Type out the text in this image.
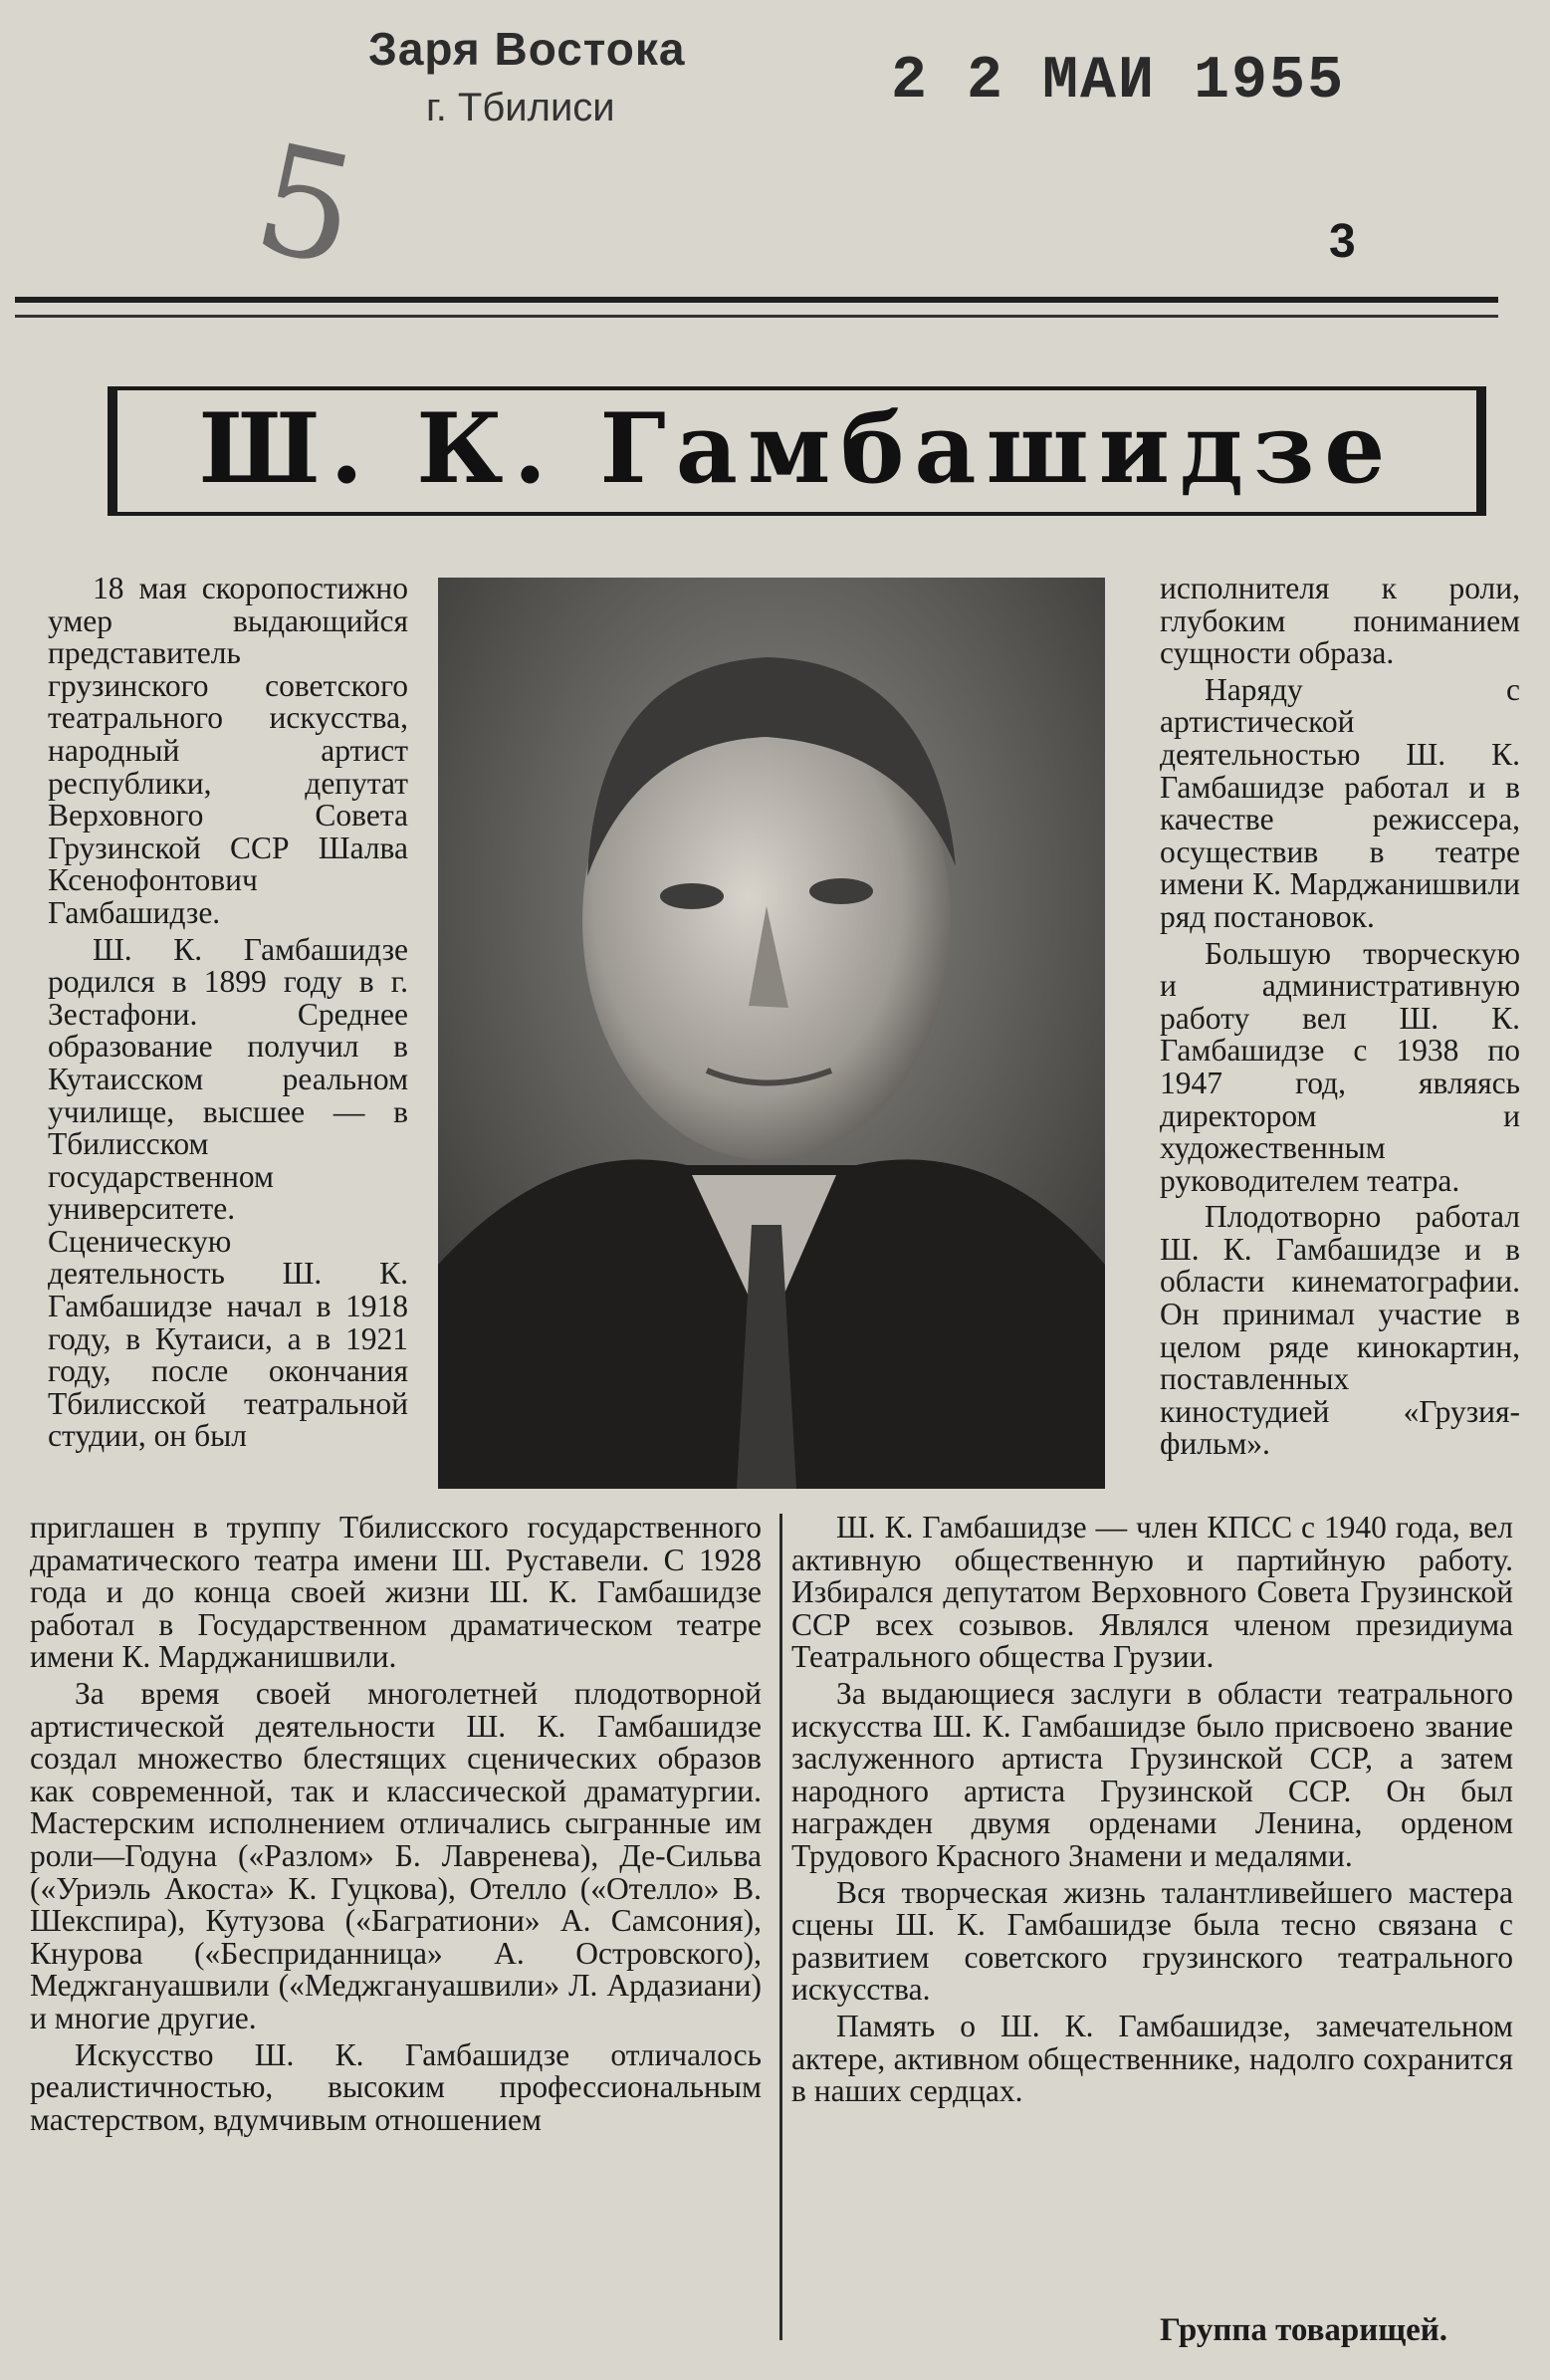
Заря Востока
г. Тбилиси	2 2 МАИ 1955
5	3
Ш. К. Гамбашидзе

18 мая скоропостижно умер выдающийся представитель грузинского советского театрального искусства, народный артист республики, депутат Верховного Совета Грузинской ССР Шалва Ксенофонтович Гамбашидзе.

Ш. К. Гамбашидзе родился в 1899 году в г. Зестафони. Среднее образование получил в Кутаисском реальном училище, высшее — в Тбилисском государственном университете. Сценическую деятельность Ш. К. Гамбашидзе начал в 1918 году, в Кутаиси, а в 1921 году, после окончания Тбилисской театральной студии, он был

исполнителя к роли, глубоким пониманием сущности образа.

Наряду с артистической деятельностью Ш. К. Гамбашидзе работал и в качестве режиссера, осуществив в театре имени К. Марджанишвили ряд постановок.

Большую творческую и административную работу вел Ш. К. Гамбашидзе с 1938 по 1947 год, являясь директором и художественным руководителем театра.

Плодотворно работал Ш. К. Гамбашидзе и в области кинематографии. Он принимал участие в целом ряде кинокартин, поставленных киностудией «Грузия-фильм».

приглашен в труппу Тбилисского государственного драматического театра имени Ш. Руставели. С 1928 года и до конца своей жизни Ш. К. Гамбашидзе работал в Государственном драматическом театре имени К. Марджанишвили.

За время своей многолетней плодотворной артистической деятельности Ш. К. Гамбашидзе создал множество блестящих сценических образов как современной, так и классической драматургии. Мастерским исполнением отличались сыгранные им роли—Годуна («Разлом» Б. Лавренева), Де-Сильва («Уриэль Акоста» К. Гуцкова), Отелло («Отелло» В. Шекспира), Кутузова («Багратиони» А. Самсония), Кнурова («Бесприданница» А. Островского), Меджгануашвили («Меджгануашвили» Л. Ардазиани) и многие другие.

Искусство Ш. К. Гамбашидзе отличалось реалистичностью, высоким профессиональным мастерством, вдумчивым отношением

Ш. К. Гамбашидзе — член КПСС с 1940 года, вел активную общественную и партийную работу. Избирался депутатом Верховного Совета Грузинской ССР всех созывов. Являлся членом президиума Театрального общества Грузии.

За выдающиеся заслуги в области театрального искусства Ш. К. Гамбашидзе было присвоено звание заслуженного артиста Грузинской ССР, а затем народного артиста Грузинской ССР. Он был награжден двумя орденами Ленина, орденом Трудового Красного Знамени и медалями.

Вся творческая жизнь талантливейшего мастера сцены Ш. К. Гамбашидзе была тесно связана с развитием советского грузинского театрального искусства.

Память о Ш. К. Гамбашидзе, замечательном актере, активном общественнике, надолго сохранится в наших сердцах.

Группа товарищей.
